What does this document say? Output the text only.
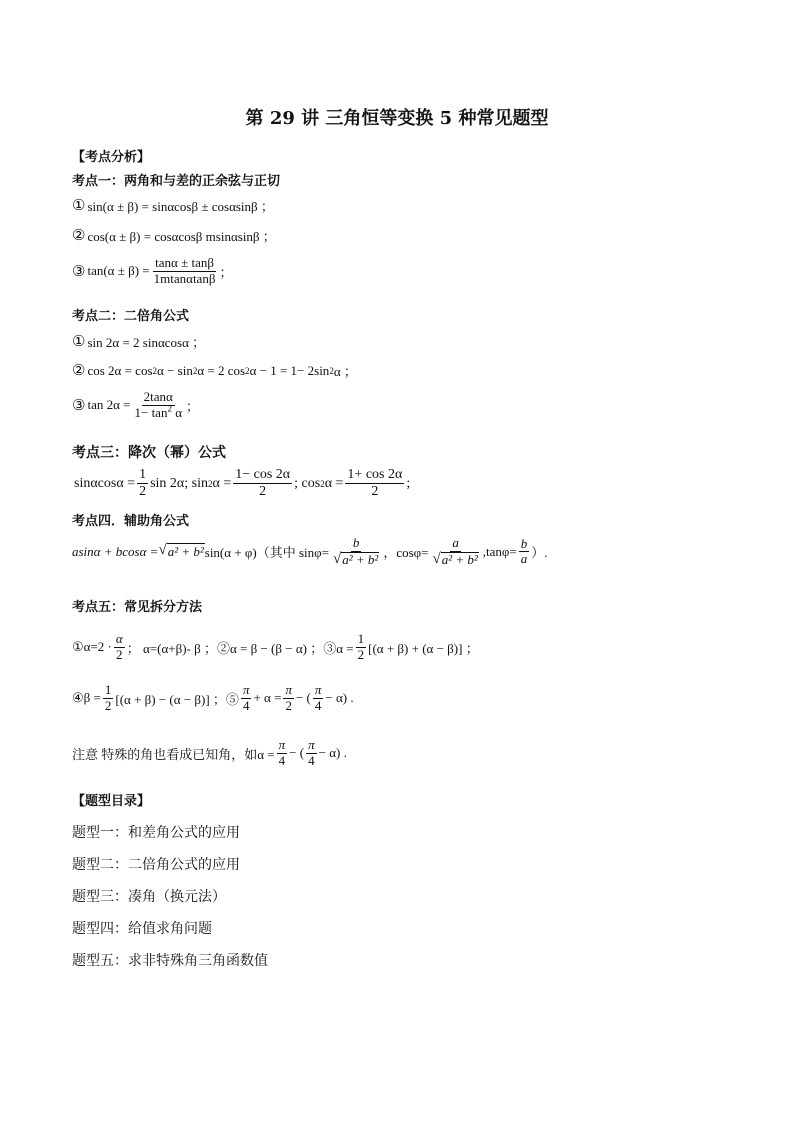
第 29 讲 三角恒等变换 5 种常见题型
【考点分析】
考点一：两角和与差的正余弦与正切
① sin(α ± β) = sinαcosβ ± cosαsinβ ；
② cos(α ± β) = cosαcosβ msinαsinβ ；
③ $\tan(\alpha \pm \beta) = \frac{\tan\alpha \pm \tan\beta}{1mtan\alpha\tan\beta}$ ；
考点二：二倍角公式
① sin 2α = 2 sinαcosα ；
② cos 2α = cos 2 α − sin 2 α = 2 cos 2 α − 1 = 1− 2sin 2 α ；
③ $\tan 2\alpha = \frac{2\tan\alpha}{1- \tan^2 \alpha}$ ；
考点三：降次（幂）公式
$\sin\alpha\cos\alpha = \frac{1}{2}$ sin 2α; sin 2 $\alpha = \frac{1- \cos 2\alpha}{2}$ ; cos 2 $\alpha = \frac{1+ \cos 2\alpha}{2}$ ;
考点四．辅助角公式
asinα + bcosα = √ a² + b² sin(α + φ)（其中 $\sin\varphi= \frac{b}{\text{√ a² + b²}}$ ，$\cos\varphi= \frac{a}{\text{√ a² + b²}} ,\tan\varphi= \frac{b}{a}$ ）.
考点五：常见拆分方法
①α=2 · $\frac{\alpha}{2}$ ； α=(α+β)- β ；②α = β − (β − α) ；③α = $\frac{1}{2} [(\alpha + \beta) + (\alpha - \beta)]$ ；
④β = $\frac{1}{2} [(\alpha + \beta) - (\alpha - \beta)]$ ；⑤ $\frac{\pi}{4} + \alpha = \frac{\pi}{2}$ − ( $\frac{\pi}{4} - \alpha$) .
注意 特殊的角也看成已知角，如$\alpha = \frac{\pi}{4}$ − ( $\frac{\pi}{4} - \alpha$) .
【题型目录】
题型一：和差角公式的应用
题型二：二倍角公式的应用
题型三：凑角（换元法）
题型四：给值求角问题
题型五：求非特殊角三角函数值
